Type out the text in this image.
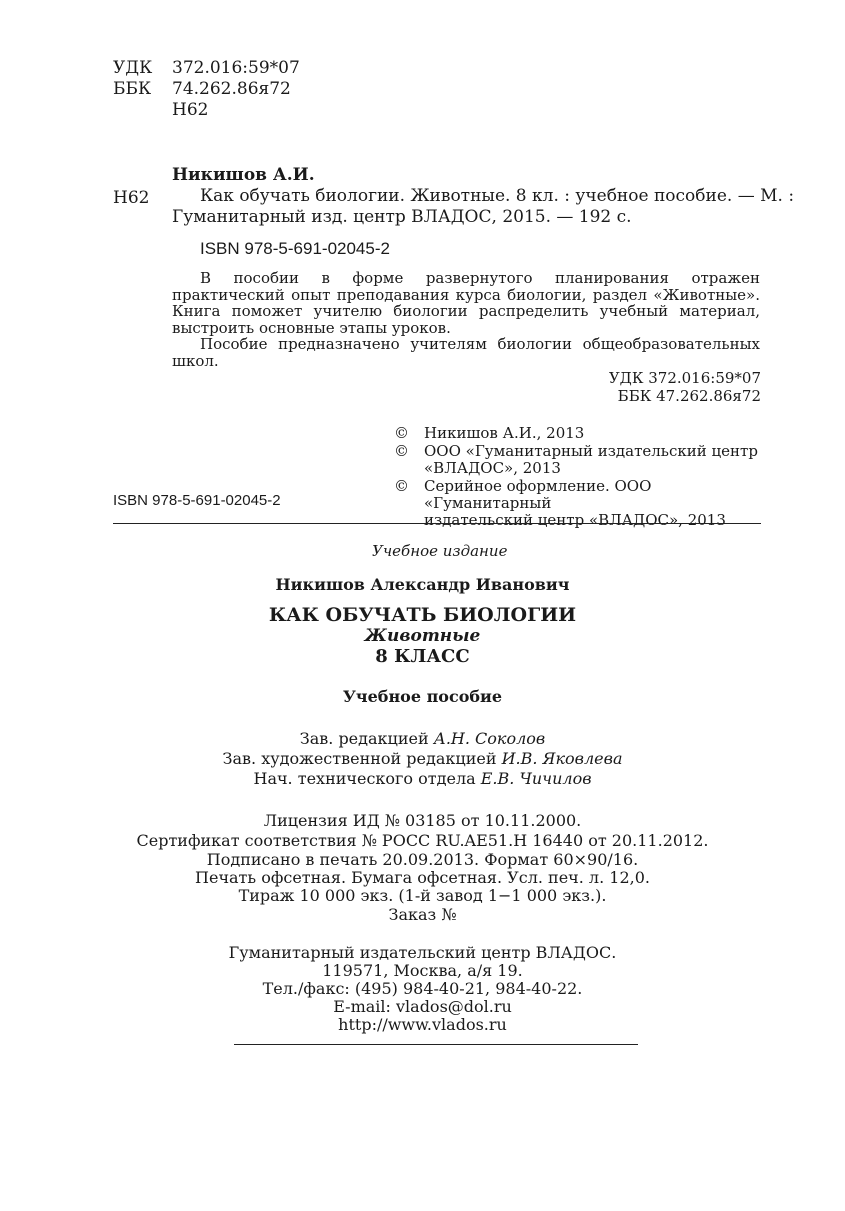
УДК 372.016:59*07
ББК 74.262.86я72
Н62
Никишов А.И.
Н62	Как обучать биологии. Животные. 8 кл. : учебное пособие. — М. :
Гуманитарный изд. центр ВЛАДОС, 2015. — 192 с.
ISBN 978-5-691-02045-2

В пособии в форме развернутого планирования отражен практический опыт преподавания курса биологии, раздел «Животные». Книга поможет учителю биологии распределить учебный материал, выстроить основные этапы уроков.

Пособие предназначено учителям биологии общеобразовательных школ.

УДК 372.016:59*07
ББК 47.262.86я72
© Никишов А.И., 2013
© ООО «Гуманитарный издательский центр
«ВЛАДОС», 2013
© Серийное оформление. ООО «Гуманитарный
издательский центр «ВЛАДОС», 2013
ISBN 978-5-691-02045-2
Учебное издание
Никишов Александр Иванович
КАК ОБУЧАТЬ БИОЛОГИИ
Животные
8 КЛАСС
Учебное пособие
Зав. редакцией А.Н. Соколов
Зав. художественной редакцией И.В. Яковлева
Нач. технического отдела Е.В. Чичилов
Лицензия ИД № 03185 от 10.11.2000.
Сертификат соответствия № РОСС RU.AE51.H 16440 от 20.11.2012.
Подписано в печать 20.09.2013. Формат 60×90/16.
Печать офсетная. Бумага офсетная. Усл. печ. л. 12,0.
Тираж 10 000 экз. (1-й завод 1−1 000 экз.).
Заказ №
Гуманитарный издательский центр ВЛАДОС.
119571, Москва, а/я 19.
Тел./факс: (495) 984-40-21, 984-40-22.
E-mail: vlados@dol.ru
http://www.vlados.ru
